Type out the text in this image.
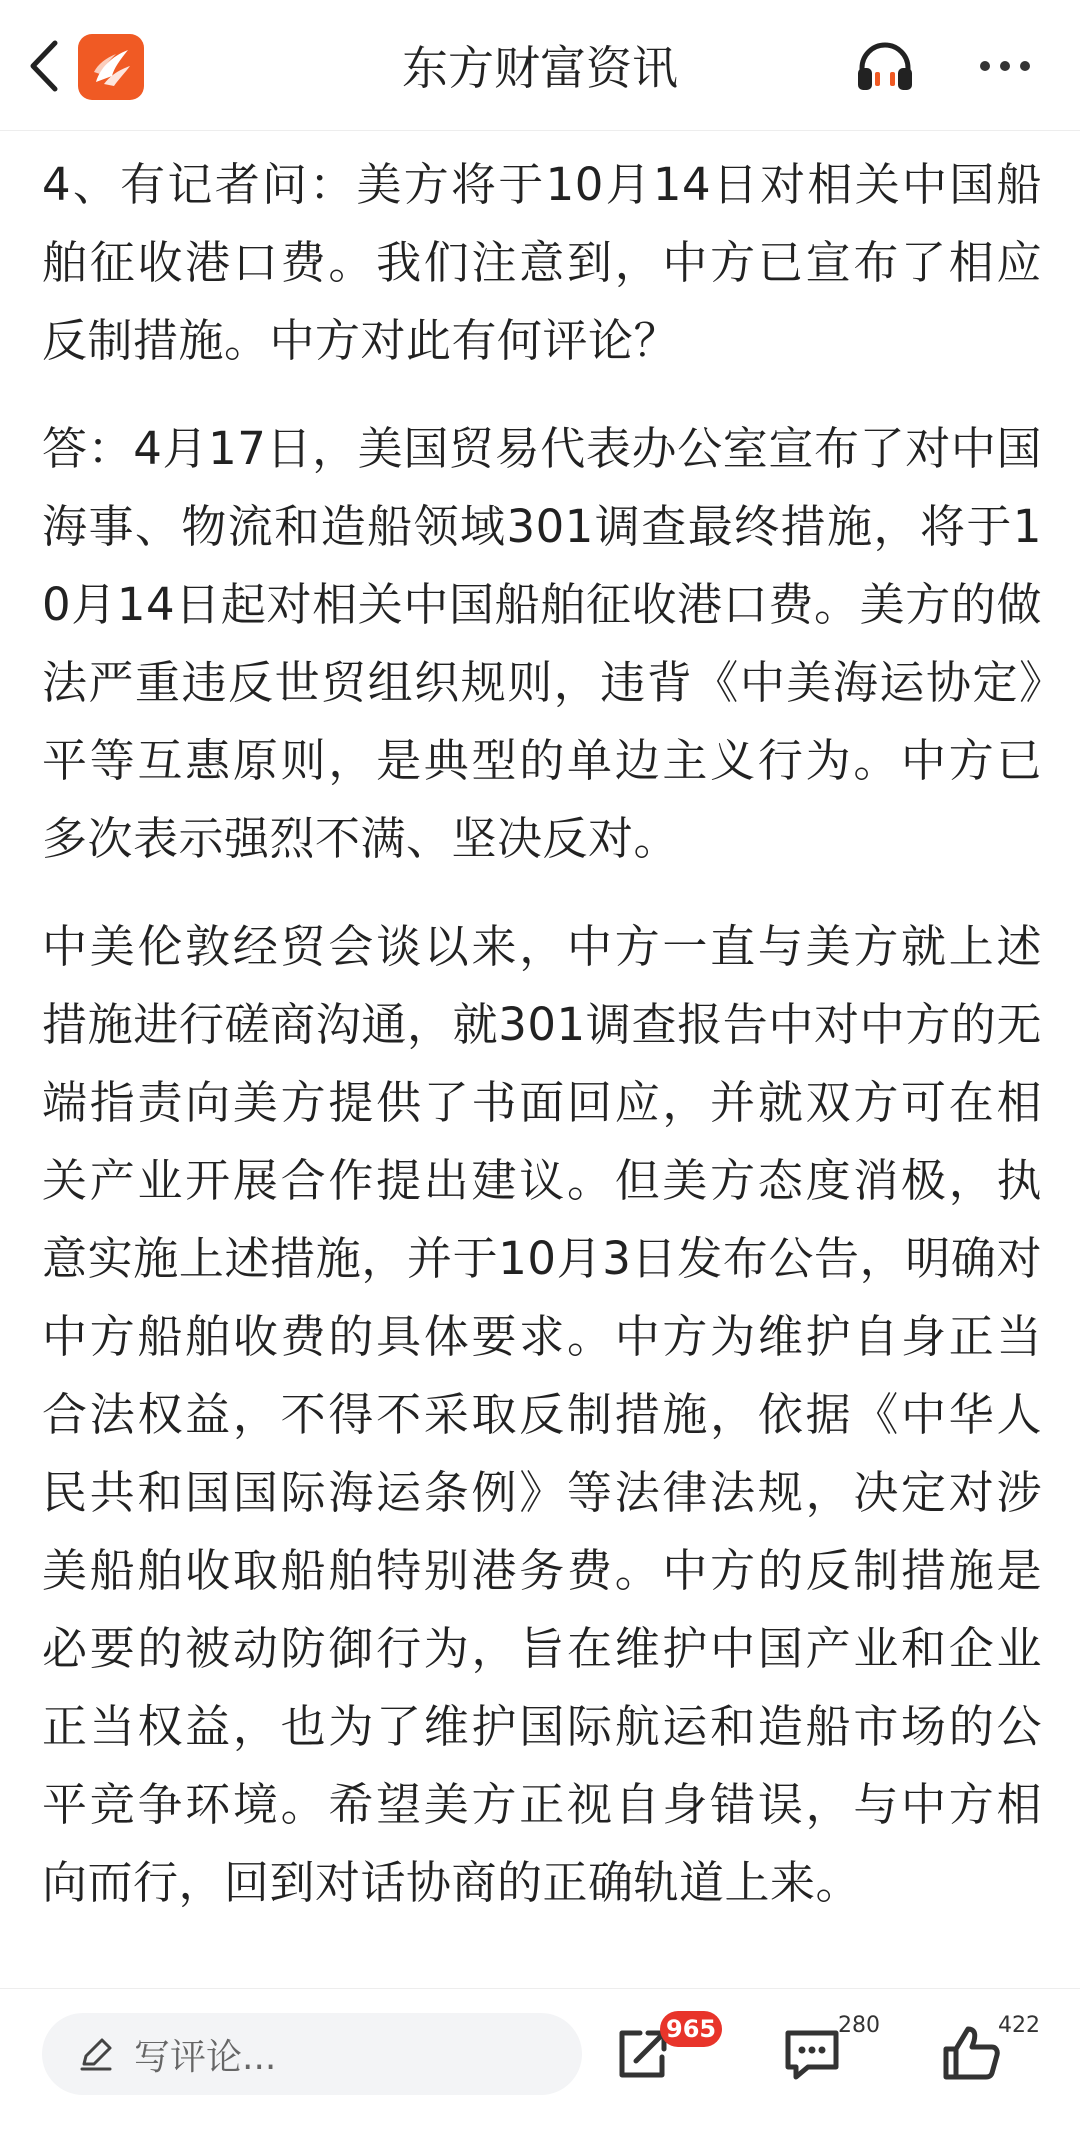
东方财富资讯

4、有记者问：美方将于10月14日对相关中国船舶征收港口费。我们注意到，中方已宣布了相应反制措施。中方对此有何评论？

答：4月17日，美国贸易代表办公室宣布了对中国海事、物流和造船领域301调查最终措施，将于10月14日起对相关中国船舶征收港口费。美方的做法严重违反世贸组织规则，违背《中美海运协定》平等互惠原则，是典型的单边主义行为。中方已多次表示强烈不满、坚决反对。

中美伦敦经贸会谈以来，中方一直与美方就上述措施进行磋商沟通，就301调查报告中对中方的无端指责向美方提供了书面回应，并就双方可在相关产业开展合作提出建议。但美方态度消极，执意实施上述措施，并于10月3日发布公告，明确对中方船舶收费的具体要求。中方为维护自身正当合法权益，不得不采取反制措施，依据《中华人民共和国国际海运条例》等法律法规，决定对涉美船舶收取船舶特别港务费。中方的反制措施是必要的被动防御行为，旨在维护中国产业和企业正当权益，也为了维护国际航运和造船市场的公平竞争环境。希望美方正视自身错误，与中方相向而行，回到对话协商的正确轨道上来。

写评论...
965	280	422
